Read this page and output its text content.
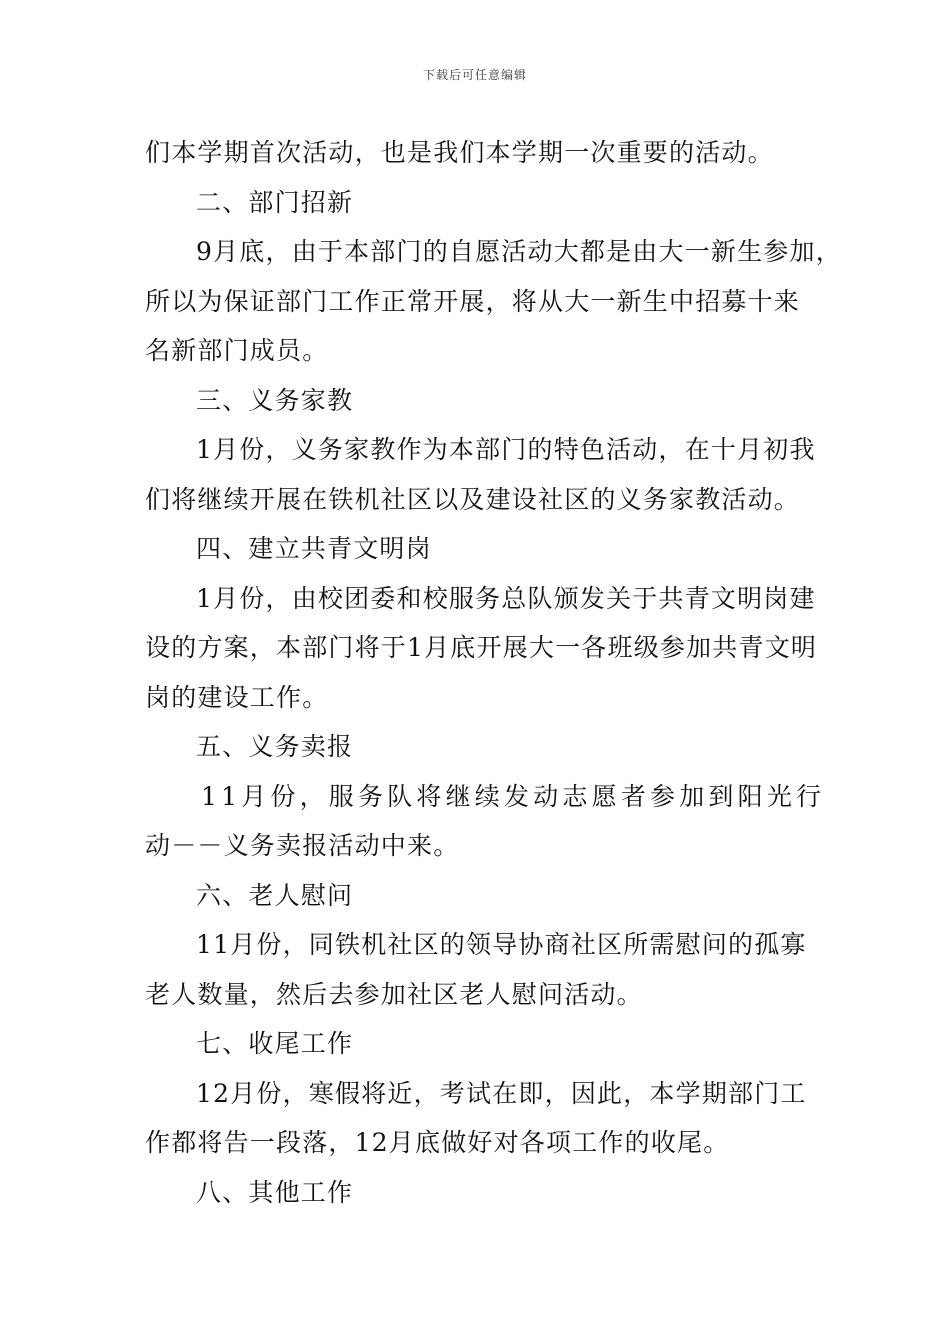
下载后可任意编辑
们本学期首次活动，也是我们本学期一次重要的活动。
二、部门招新
9月底，由于本部门的自愿活动大都是由大一新生参加，
所以为保证部门工作正常开展，将从大一新生中招募十来
名新部门成员。
三、义务家教
1月份，义务家教作为本部门的特色活动，在十月初我
们将继续开展在铁机社区以及建设社区的义务家教活动。
四、建立共青文明岗
1月份，由校团委和校服务总队颁发关于共青文明岗建
设的方案，本部门将于1月底开展大一各班级参加共青文明
岗的建设工作。
五、义务卖报
11月份，服务队将继续发动志愿者参加到阳光行
动－－义务卖报活动中来。
六、老人慰问
11月份，同铁机社区的领导协商社区所需慰问的孤寡
老人数量，然后去参加社区老人慰问活动。
七、收尾工作
12月份，寒假将近，考试在即，因此，本学期部门工
作都将告一段落，12月底做好对各项工作的收尾。
八、其他工作
